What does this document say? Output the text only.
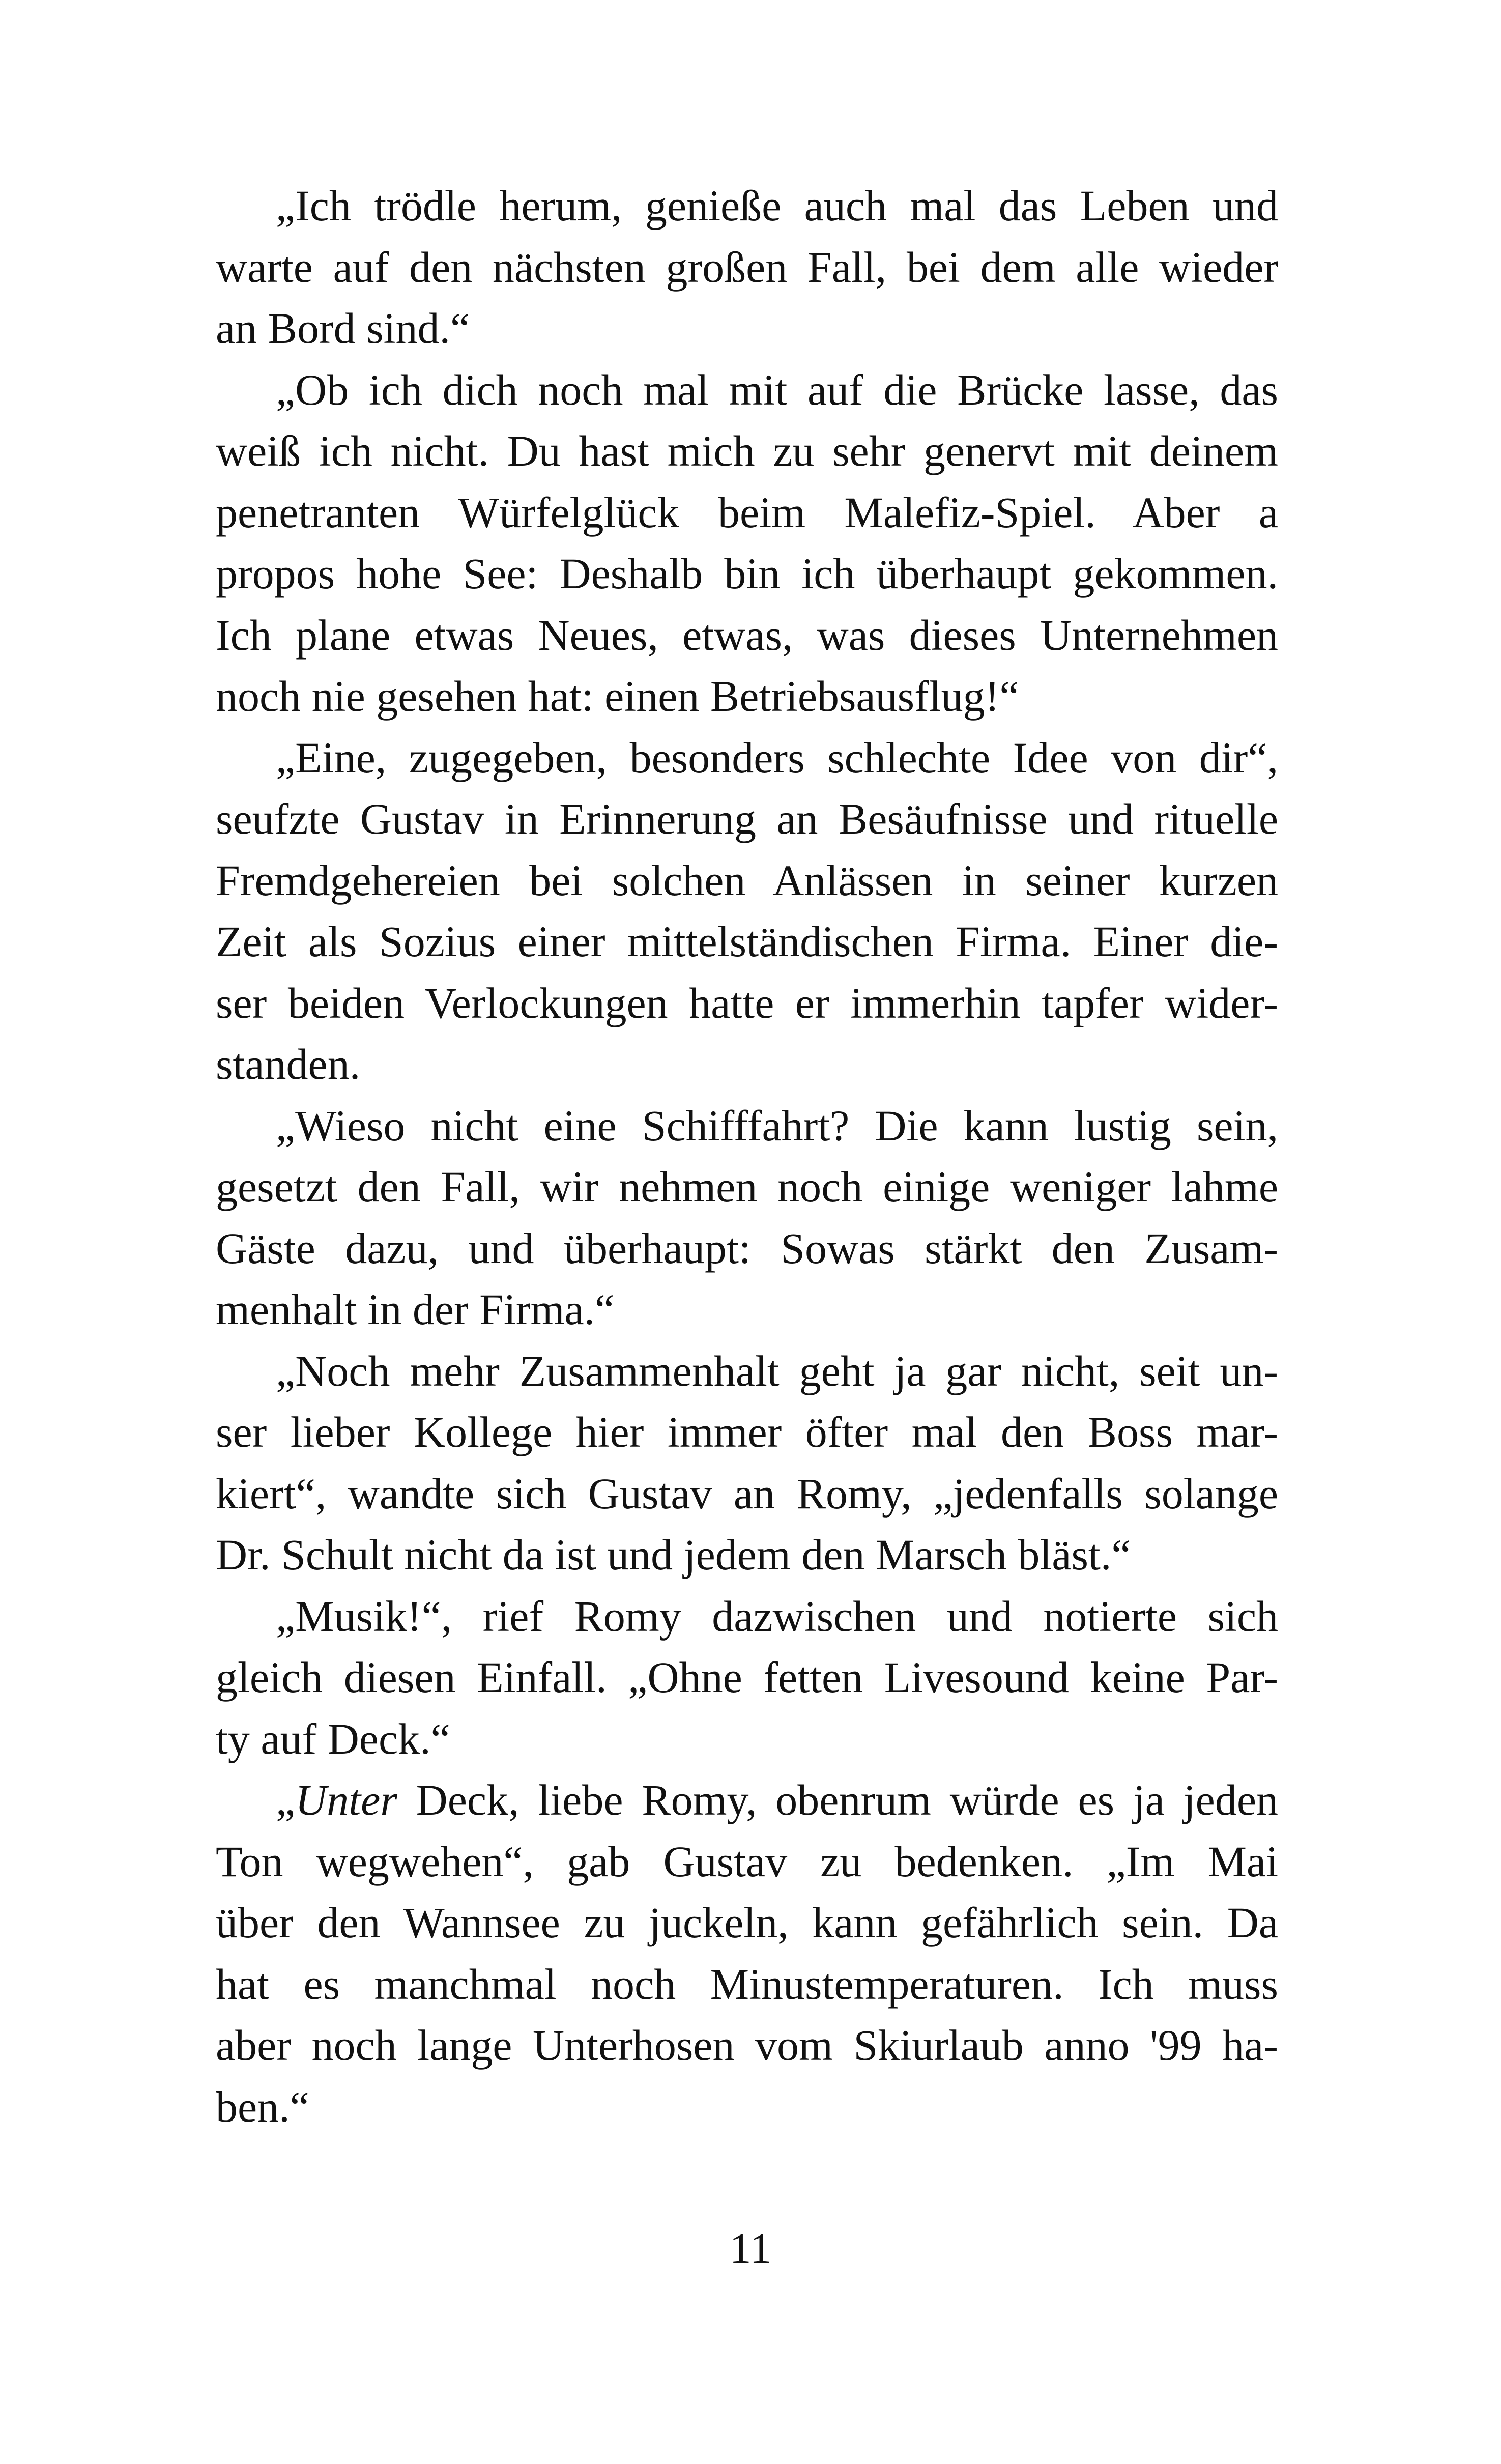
„Ich trödle herum, genieße auch mal das Leben und
warte auf den nächsten großen Fall, bei dem alle wieder
an Bord sind.“
„Ob ich dich noch mal mit auf die Brücke lasse, das
weiß ich nicht. Du hast mich zu sehr genervt mit deinem
penetranten Würfelglück beim Malefiz-Spiel. Aber a
propos hohe See: Deshalb bin ich überhaupt gekommen.
Ich plane etwas Neues, etwas, was dieses Unternehmen
noch nie gesehen hat: einen Betriebsausflug!“
„Eine, zugegeben, besonders schlechte Idee von dir“,
seufzte Gustav in Erinnerung an Besäufnisse und rituelle
Fremdgehereien bei solchen Anlässen in seiner kurzen
Zeit als Sozius einer mittelständischen Firma. Einer die-
ser beiden Verlockungen hatte er immerhin tapfer wider-
standen.
„Wieso nicht eine Schifffahrt? Die kann lustig sein,
gesetzt den Fall, wir nehmen noch einige weniger lahme
Gäste dazu, und überhaupt: Sowas stärkt den Zusam-
menhalt in der Firma.“
„Noch mehr Zusammenhalt geht ja gar nicht, seit un-
ser lieber Kollege hier immer öfter mal den Boss mar-
kiert“, wandte sich Gustav an Romy, „jedenfalls solange
Dr. Schult nicht da ist und jedem den Marsch bläst.“
„Musik!“, rief Romy dazwischen und notierte sich
gleich diesen Einfall. „Ohne fetten Livesound keine Par-
ty auf Deck.“
„Unter Deck, liebe Romy, obenrum würde es ja jeden
Ton wegwehen“, gab Gustav zu bedenken. „Im Mai
über den Wannsee zu juckeln, kann gefährlich sein. Da
hat es manchmal noch Minustemperaturen. Ich muss
aber noch lange Unterhosen vom Skiurlaub anno '99 ha-
ben.“
11
